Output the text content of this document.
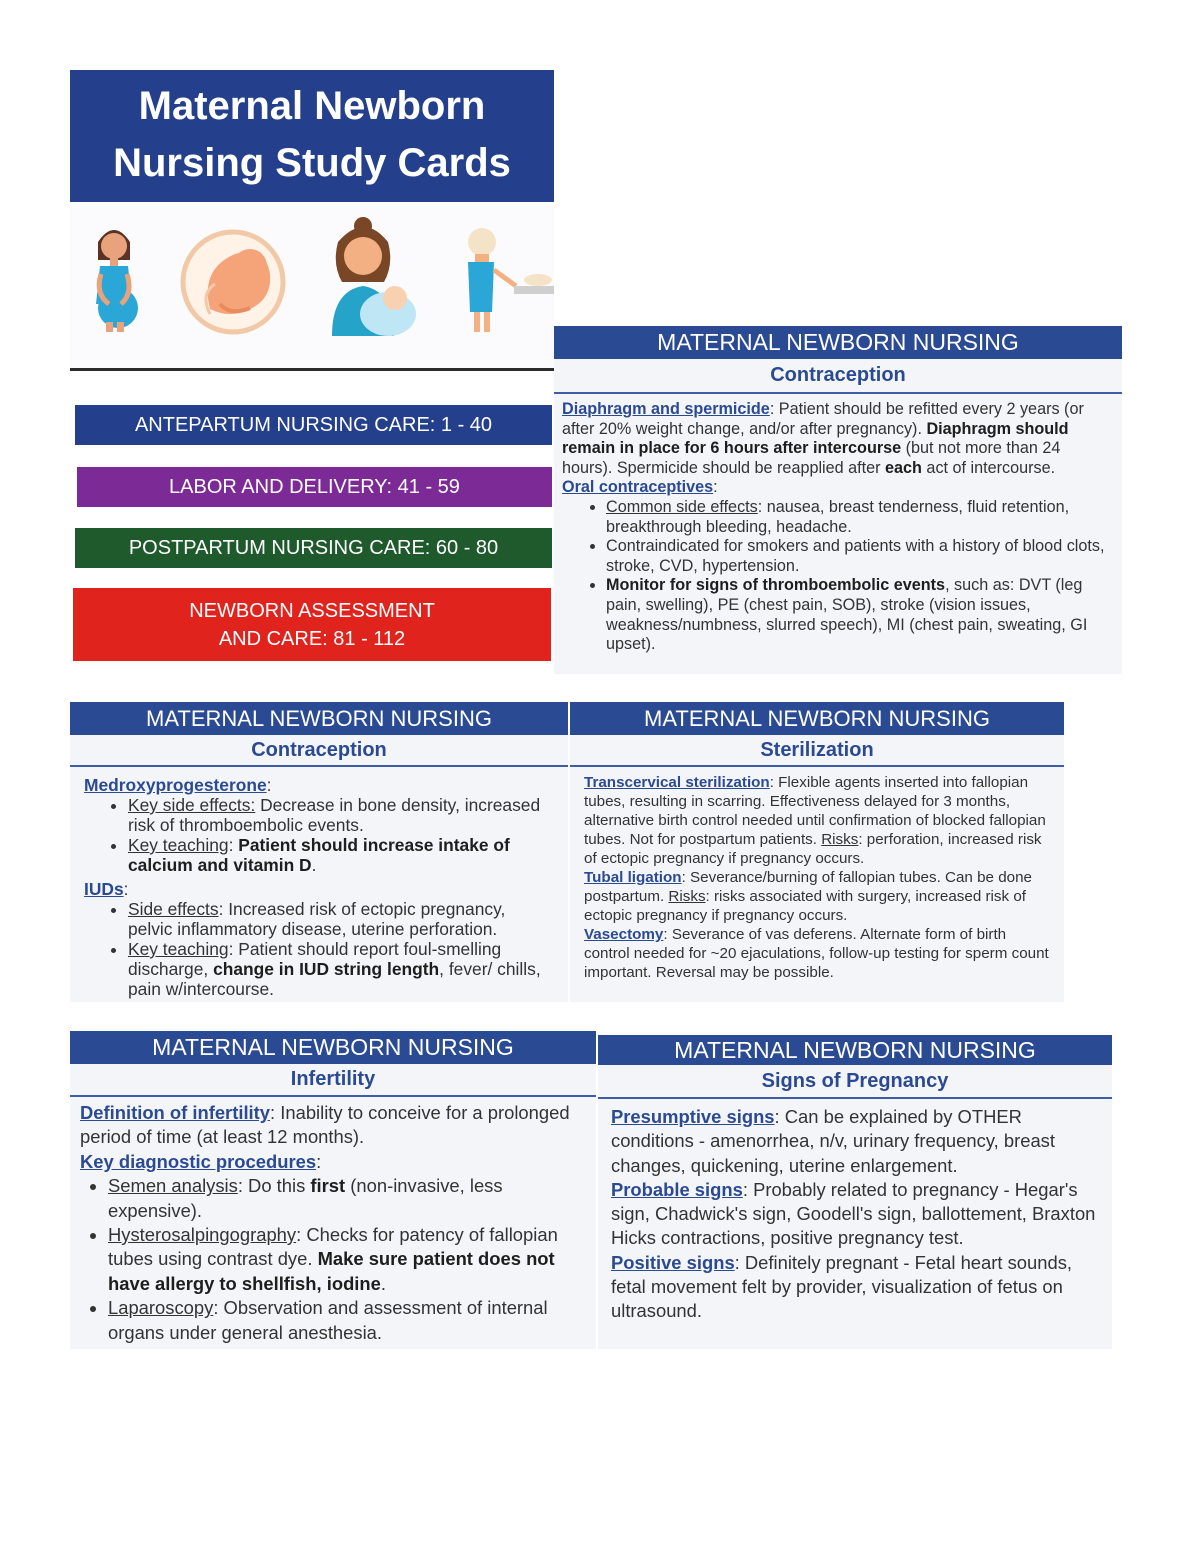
Maternal Newborn
Nursing Study Cards
ANTEPARTUM NURSING CARE: 1 - 40
LABOR AND DELIVERY: 41 - 59
POSTPARTUM NURSING CARE: 60 - 80
NEWBORN ASSESSMENT
AND CARE: 81 - 112
MATERNAL NEWBORN NURSING
Contraception

Diaphragm and spermicide: Patient should be refitted every 2 years (or after 20% weight change, and/or after pregnancy). Diaphragm should remain in place for 6 hours after intercourse (but not more than 24 hours). Spermicide should be reapplied after each act of intercourse.

Oral contraceptives:

• Common side effects: nausea, breast tenderness, fluid retention, breakthrough bleeding, headache.
• Contraindicated for smokers and patients with a history of blood clots, stroke, CVD, hypertension.
• Monitor for signs of thromboembolic events, such as: DVT (leg pain, swelling), PE (chest pain, SOB), stroke (vision issues, weakness/numbness, slurred speech), MI (chest pain, sweating, GI upset).
MATERNAL NEWBORN NURSING
Contraception

Medroxyprogesterone:

• Key side effects: Decrease in bone density, increased risk of thromboembolic events.
• Key teaching: Patient should increase intake of calcium and vitamin D.

IUDs:

• Side effects: Increased risk of ectopic pregnancy, pelvic inflammatory disease, uterine perforation.
• Key teaching: Patient should report foul-smelling discharge, change in IUD string length, fever/ chills, pain w/intercourse.
MATERNAL NEWBORN NURSING
Sterilization

Transcervical sterilization: Flexible agents inserted into fallopian tubes, resulting in scarring. Effectiveness delayed for 3 months, alternative birth control needed until confirmation of blocked fallopian tubes. Not for postpartum patients. Risks: perforation, increased risk of ectopic pregnancy if pregnancy occurs.

Tubal ligation: Severance/burning of fallopian tubes. Can be done postpartum. Risks: risks associated with surgery, increased risk of ectopic pregnancy if pregnancy occurs.

Vasectomy: Severance of vas deferens. Alternate form of birth control needed for ~20 ejaculations, follow-up testing for sperm count important. Reversal may be possible.

MATERNAL NEWBORN NURSING
Infertility

Definition of infertility: Inability to conceive for a prolonged period of time (at least 12 months).

Key diagnostic procedures:

• Semen analysis: Do this first (non-invasive, less expensive).
• Hysterosalpingography: Checks for patency of fallopian tubes using contrast dye. Make sure patient does not have allergy to shellfish, iodine.
• Laparoscopy: Observation and assessment of internal organs under general anesthesia.
MATERNAL NEWBORN NURSING
Signs of Pregnancy

Presumptive signs: Can be explained by OTHER conditions - amenorrhea, n/v, urinary frequency, breast changes, quickening, uterine enlargement.

Probable signs: Probably related to pregnancy - Hegar's sign, Chadwick's sign, Goodell's sign, ballottement, Braxton Hicks contractions, positive pregnancy test.

Positive signs: Definitely pregnant - Fetal heart sounds, fetal movement felt by provider, visualization of fetus on ultrasound.
